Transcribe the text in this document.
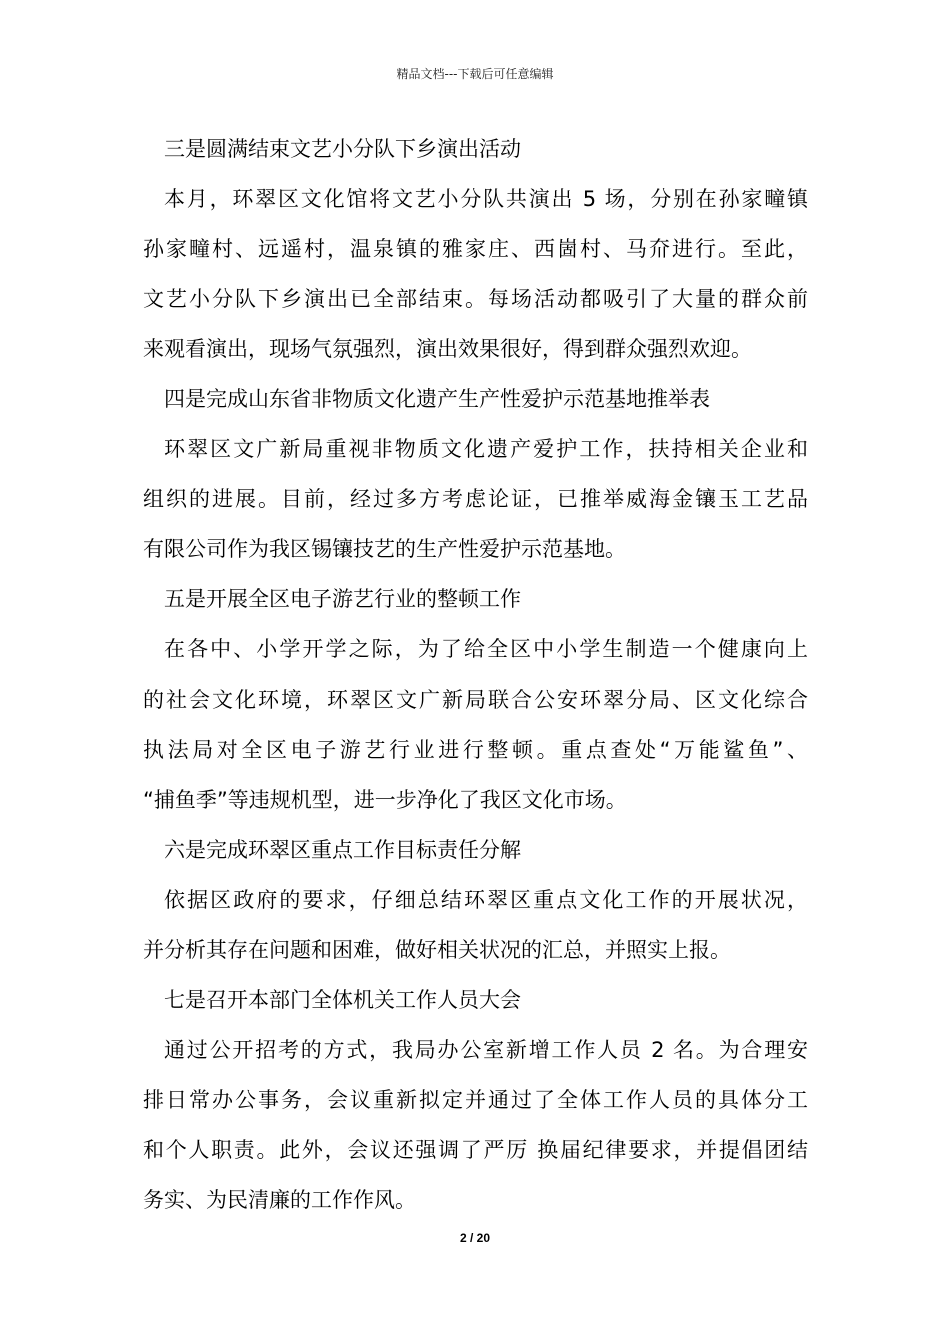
精品文档---下载后可任意编辑
三是圆满结束文艺小分队下乡演出活动
本月，环翠区文化馆将文艺小分队共演出 5 场，分别在孙家疃镇
孙家疃村、远遥村，温泉镇的雅家庄、西崮村、马夼进行。至此，
文艺小分队下乡演出已全部结束。每场活动都吸引了大量的群众前
来观看演出，现场气氛强烈，演出效果很好，得到群众强烈欢迎。
四是完成山东省非物质文化遗产生产性爱护示范基地推举表
环翠区文广新局重视非物质文化遗产爱护工作，扶持相关企业和
组织的进展。目前，经过多方考虑论证，已推举威海金镶玉工艺品
有限公司作为我区锡镶技艺的生产性爱护示范基地。
五是开展全区电子游艺行业的整顿工作
在各中、小学开学之际，为了给全区中小学生制造一个健康向上
的社会文化环境，环翠区文广新局联合公安环翠分局、区文化综合
执法局对全区电子游艺行业进行整顿。重点查处“万能鲨鱼”、
“捕鱼季”等违规机型，进一步净化了我区文化市场。
六是完成环翠区重点工作目标责任分解
依据区政府的要求，仔细总结环翠区重点文化工作的开展状况，
并分析其存在问题和困难，做好相关状况的汇总，并照实上报。
七是召开本部门全体机关工作人员大会
通过公开招考的方式，我局办公室新增工作人员 2 名。为合理安
排日常办公事务，会议重新拟定并通过了全体工作人员的具体分工
和个人职责。此外，会议还强调了严厉 换届纪律要求，并提倡团结
务实、为民清廉的工作作风。
2 / 20
